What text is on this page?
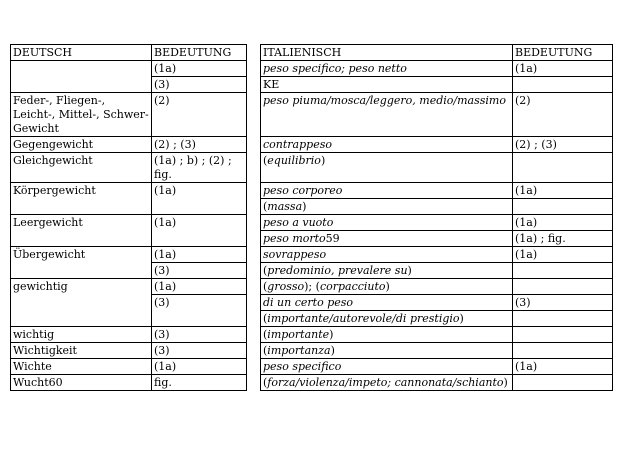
DEUTSCH	BEDEUTUNG		ITALIENISCH	BEDEUTUNG
	(1a)		peso specifico; peso netto	(1a)
	(3)		KE	
Feder-, Fliegen-, Leicht-, Mittel-, Schwer-Gewicht	(2)		peso piuma/mosca/leggero, medio/massimo	(2)
Gegengewicht	(2) ; (3)		contrappeso	(2) ; (3)
Gleichgewicht	(1a) ; b) ; (2) ; fig.		(equilibrio)	
Körpergewicht	(1a)		peso corporeo	(1a)
			(massa)	
Leergewicht	(1a)		peso a vuoto	(1a)
			peso morto59	(1a) ; fig.
Übergewicht	(1a)		sovrappeso	(1a)
	(3)		(predominio, prevalere su)	
gewichtig	(1a)		(grosso); (corpacciuto)	
	(3)		di un certo peso	(3)
			(importante/autorevole/di prestigio)	
wichtig	(3)		(importante)	
Wichtigkeit	(3)		(importanza)	
Wichte	(1a)		peso specifico	(1a)
Wucht60	fig.		(forza/violenza/impeto; cannonata/schianto)	
